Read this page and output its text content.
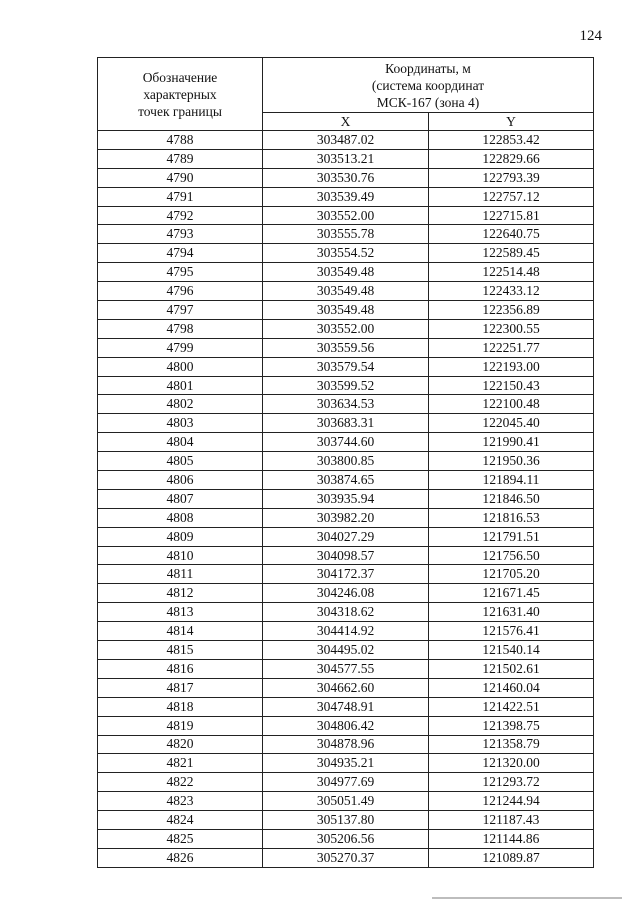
124
Обозначение
характерных
точек границы	Координаты, м
(система координат
МСК-167 (зона 4)	

	X	Y
4788	303487.02	122853.42
4789	303513.21	122829.66
4790	303530.76	122793.39
4791	303539.49	122757.12
4792	303552.00	122715.81
4793	303555.78	122640.75
4794	303554.52	122589.45
4795	303549.48	122514.48
4796	303549.48	122433.12
4797	303549.48	122356.89
4798	303552.00	122300.55
4799	303559.56	122251.77
4800	303579.54	122193.00
4801	303599.52	122150.43
4802	303634.53	122100.48
4803	303683.31	122045.40
4804	303744.60	121990.41
4805	303800.85	121950.36
4806	303874.65	121894.11
4807	303935.94	121846.50
4808	303982.20	121816.53
4809	304027.29	121791.51
4810	304098.57	121756.50
4811	304172.37	121705.20
4812	304246.08	121671.45
4813	304318.62	121631.40
4814	304414.92	121576.41
4815	304495.02	121540.14
4816	304577.55	121502.61
4817	304662.60	121460.04
4818	304748.91	121422.51
4819	304806.42	121398.75
4820	304878.96	121358.79
4821	304935.21	121320.00
4822	304977.69	121293.72
4823	305051.49	121244.94
4824	305137.80	121187.43
4825	305206.56	121144.86
4826	305270.37	121089.87
